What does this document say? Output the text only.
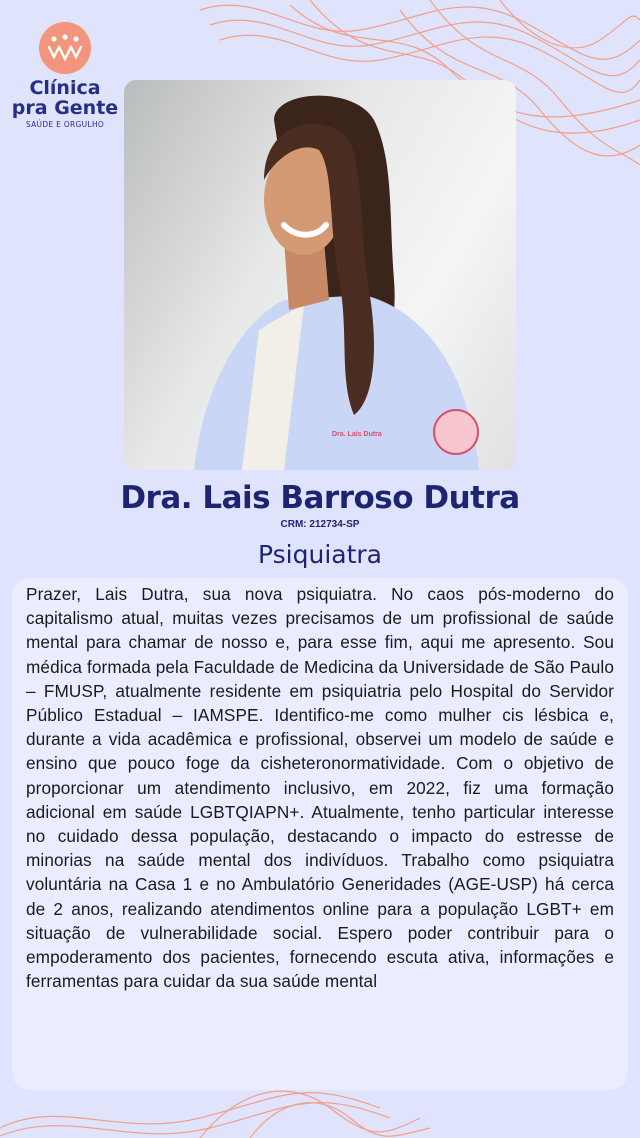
Clínica
pra Gente
SAÚDE E ORGULHO
Dra. Lais Dutra
Dra. Lais Barroso Dutra
CRM: 212734-SP
Psiquiatra

Prazer, Lais Dutra, sua nova psiquiatra. No caos pós-moderno do capitalismo atual, muitas vezes precisamos de um profissional de saúde mental para chamar de nosso e, para esse fim, aqui me apresento. Sou médica formada pela Faculdade de Medicina da Universidade de São Paulo – FMUSP, atualmente residente em psiquiatria pelo Hospital do Servidor Público Estadual – IAMSPE. Identifico-me como mulher cis lésbica e, durante a vida acadêmica e profissional, observei um modelo de saúde e ensino que pouco foge da cisheteronormatividade. Com o objetivo de proporcionar um atendimento inclusivo, em 2022, fiz uma formação adicional em saúde LGBTQIAPN+. Atualmente, tenho particular interesse no cuidado dessa população, destacando o impacto do estresse de minorias na saúde mental dos indivíduos. Trabalho como psiquiatra voluntária na Casa 1 e no Ambulatório Generidades (AGE-USP) há cerca de 2 anos, realizando atendimentos online para a população LGBT+ em situação de vulnerabilidade social. Espero poder contribuir para o empoderamento dos pacientes, fornecendo escuta ativa, informações e ferramentas para cuidar da sua saúde mental
